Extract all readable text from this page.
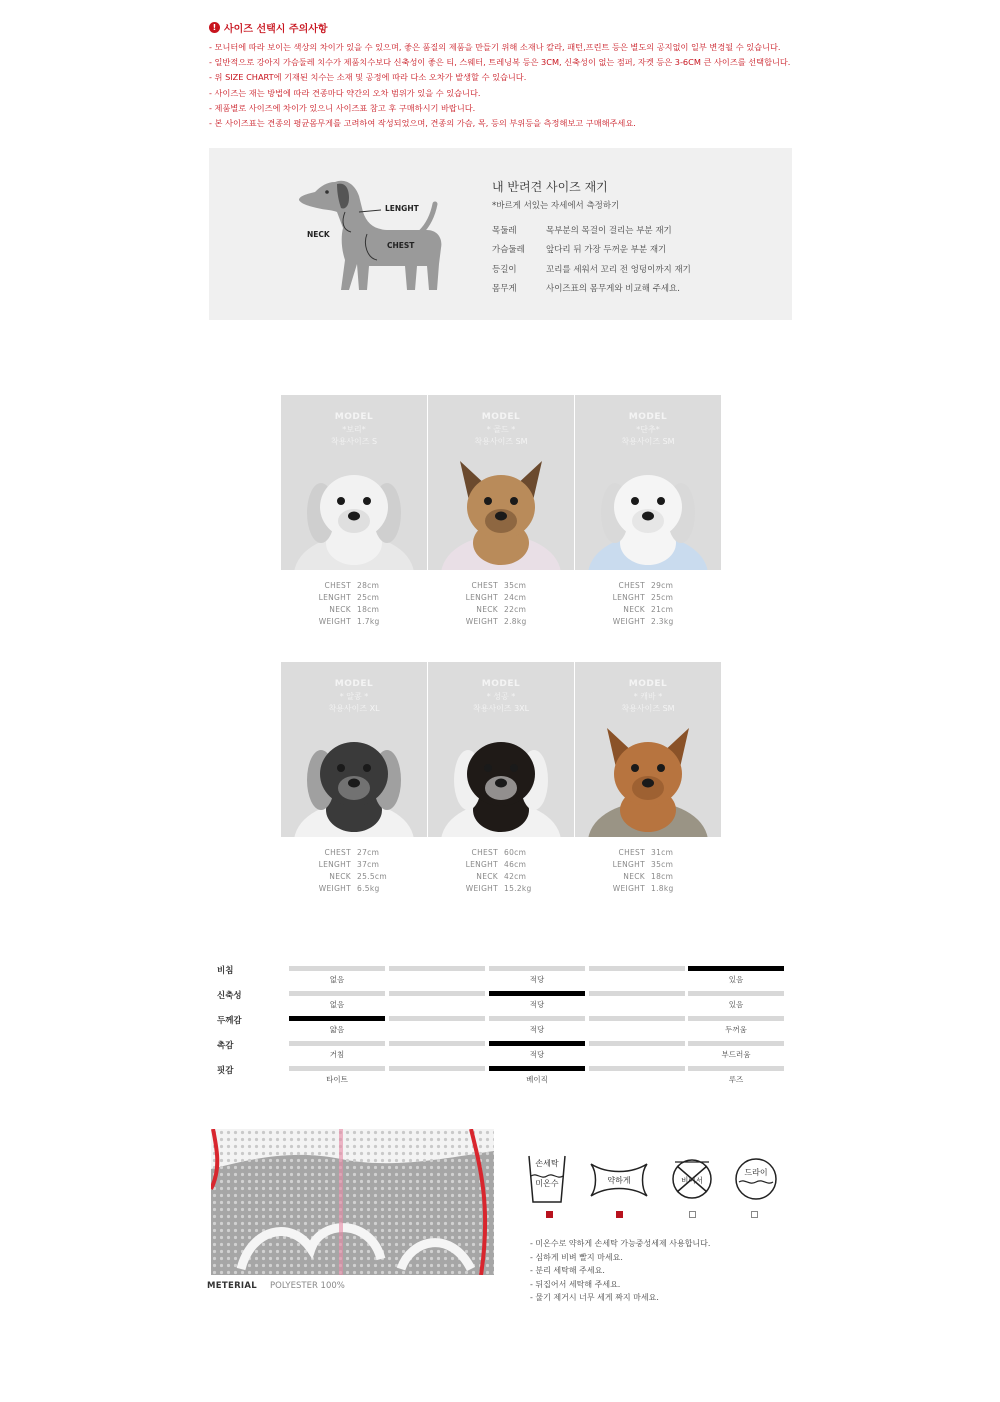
! 사이즈 선택시 주의사항
- 모니터에 따라 보이는 색상의 차이가 있을 수 있으며, 좋은 품질의 제품을 만들기 위해 소재나 칼라, 패턴,프린트 등은 별도의 공지없이 일부 변경될 수 있습니다.
- 일반적으로 강아지 가슴둘레 치수가 제품치수보다 신축성이 좋은 티, 스웨터, 트레닝복 등은 3CM, 신축성이 없는 점퍼, 자켓 등은 3-6CM 큰 사이즈를 선택합니다.
- 위 SIZE CHART에 기재된 치수는 소재 및 공정에 따라 다소 오차가 발생할 수 있습니다.
- 사이즈는 재는 방법에 따라 견종마다 약간의 오차 범위가 있을 수 있습니다.
- 제품별로 사이즈에 차이가 있으니 사이즈표 참고 후 구매하시기 바랍니다.
- 본 사이즈표는 견종의 평균몸무게를 고려하여 작성되었으며, 견종의 가슴, 목, 등의 부위등을 측정해보고 구매해주세요.
LENGHT
NECK
CHEST
내 반려견 사이즈 재기
*바르게 서있는 자세에서 측정하기
목둘레	목부분의 목걸이 걸리는 부분 재기
가슴둘레	앞다리 뒤 가장 두꺼운 부분 재기
등길이	꼬리를 세워서 꼬리 전 엉덩이까지 재기
몸무게	사이즈표의 몸무게와 비교해 주세요.
MODEL
*보리*
착용사이즈 S
CHEST 28cm
LENGHT 25cm
NECK 18cm
WEIGHT 1.7kg
MODEL
* 골드 *
착용사이즈 SM
CHEST 35cm
LENGHT 24cm
NECK 22cm
WEIGHT 2.8kg
MODEL
*단추*
착용사이즈 SM
CHEST 29cm
LENGHT 25cm
NECK 21cm
WEIGHT 2.3kg
MODEL
* 알콩 *
착용사이즈 XL
CHEST 27cm
LENGHT 37cm
NECK 25.5cm
WEIGHT 6.5kg
MODEL
* 성공 *
착용사이즈 3XL
CHEST 60cm
LENGHT 46cm
NECK 42cm
WEIGHT 15.2kg
MODEL
* 캐바 *
착용사이즈 SM
CHEST 31cm
LENGHT 35cm
NECK 18cm
WEIGHT 1.8kg
비침
없음	적당	있음
신축성
없음	적당	있음
두께감
얇음	적당	두꺼움
촉감
거침	적당	부드러움
핏감
타이트	베이직	루즈
METERIAL POLYESTER 100%
손세탁
미온수	약하게	비어서
드라이
- 미온수로 약하게 손세탁 가능중성세제 사용합니다.
- 심하게 비벼 빨지 마세요.
- 분리 세탁해 주세요.
- 뒤집어서 세탁해 주세요.
- 물기 제거시 너무 세게 짜지 마세요.
